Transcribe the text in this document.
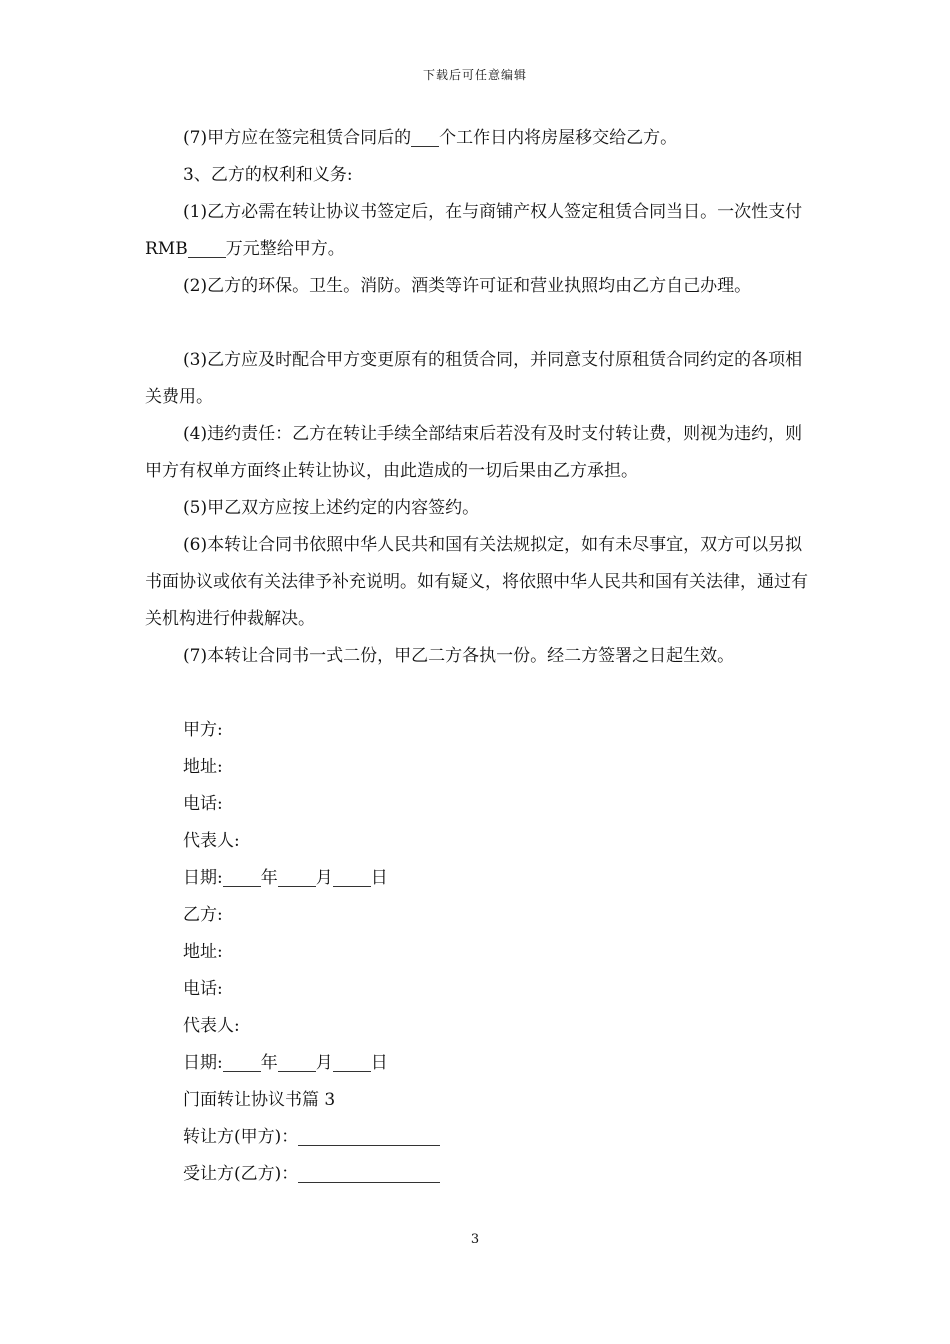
下载后可任意编辑

(7)甲方应在签完租赁合同后的 个工作日内将房屋移交给乙方。

3、乙方的权利和义务:

(1)乙方必需在转让协议书签定后，在与商铺产权人签定租赁合同当日。一次性支付 RMB 万元整给甲方。

(2)乙方的环保。卫生。消防。酒类等许可证和营业执照均由乙方自己办理。

(3)乙方应及时配合甲方变更原有的租赁合同，并同意支付原租赁合同约定的各项相关费用。

(4)违约责任：乙方在转让手续全部结束后若没有及时支付转让费，则视为违约，则甲方有权单方面终止转让协议，由此造成的一切后果由乙方承担。

(5)甲乙双方应按上述约定的内容签约。

(6)本转让合同书依照中华人民共和国有关法规拟定，如有未尽事宜，双方可以另拟书面协议或依有关法律予补充说明。如有疑义，将依照中华人民共和国有关法律，通过有关机构进行仲裁解决。

(7)本转让合同书一式二份，甲乙二方各执一份。经二方签署之日起生效。

甲方:
地址:
电话:
代表人:
日期: 年 月 日
乙方:
地址:
电话:
代表人:
日期: 年 月 日
门面转让协议书篇 3
转让方(甲方)：
受让方(乙方)：
3
